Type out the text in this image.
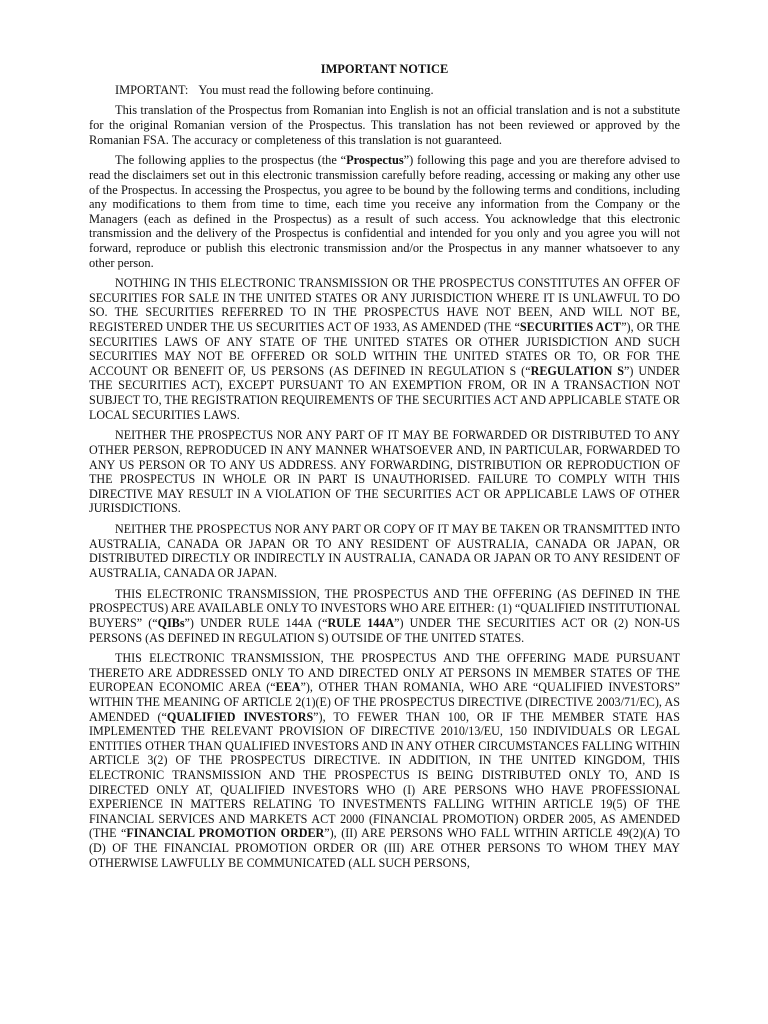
IMPORTANT NOTICE

IMPORTANT: You must read the following before continuing.

This translation of the Prospectus from Romanian into English is not an official translation and is not a substitute for the original Romanian version of the Prospectus. This translation has not been reviewed or approved by the Romanian FSA. The accuracy or completeness of this translation is not guaranteed.

The following applies to the prospectus (the “Prospectus”) following this page and you are therefore advised to read the disclaimers set out in this electronic transmission carefully before reading, accessing or making any other use of the Prospectus. In accessing the Prospectus, you agree to be bound by the following terms and conditions, including any modifications to them from time to time, each time you receive any information from the Company or the Managers (each as defined in the Prospectus) as a result of such access. You acknowledge that this electronic transmission and the delivery of the Prospectus is confidential and intended for you only and you agree you will not forward, reproduce or publish this electronic transmission and/or the Prospectus in any manner whatsoever to any other person.

NOTHING IN THIS ELECTRONIC TRANSMISSION OR THE PROSPECTUS CONSTITUTES AN OFFER OF SECURITIES FOR SALE IN THE UNITED STATES OR ANY JURISDICTION WHERE IT IS UNLAWFUL TO DO SO. THE SECURITIES REFERRED TO IN THE PROSPECTUS HAVE NOT BEEN, AND WILL NOT BE, REGISTERED UNDER THE US SECURITIES ACT OF 1933, AS AMENDED (THE “SECURITIES ACT”), OR THE SECURITIES LAWS OF ANY STATE OF THE UNITED STATES OR OTHER JURISDICTION AND SUCH SECURITIES MAY NOT BE OFFERED OR SOLD WITHIN THE UNITED STATES OR TO, OR FOR THE ACCOUNT OR BENEFIT OF, US PERSONS (AS DEFINED IN REGULATION S (“REGULATION S”) UNDER THE SECURITIES ACT), EXCEPT PURSUANT TO AN EXEMPTION FROM, OR IN A TRANSACTION NOT SUBJECT TO, THE REGISTRATION REQUIREMENTS OF THE SECURITIES ACT AND APPLICABLE STATE OR LOCAL SECURITIES LAWS.

NEITHER THE PROSPECTUS NOR ANY PART OF IT MAY BE FORWARDED OR DISTRIBUTED TO ANY OTHER PERSON, REPRODUCED IN ANY MANNER WHATSOEVER AND, IN PARTICULAR, FORWARDED TO ANY US PERSON OR TO ANY US ADDRESS. ANY FORWARDING, DISTRIBUTION OR REPRODUCTION OF THE PROSPECTUS IN WHOLE OR IN PART IS UNAUTHORISED. FAILURE TO COMPLY WITH THIS DIRECTIVE MAY RESULT IN A VIOLATION OF THE SECURITIES ACT OR APPLICABLE LAWS OF OTHER JURISDICTIONS.

NEITHER THE PROSPECTUS NOR ANY PART OR COPY OF IT MAY BE TAKEN OR TRANSMITTED INTO AUSTRALIA, CANADA OR JAPAN OR TO ANY RESIDENT OF AUSTRALIA, CANADA OR JAPAN, OR DISTRIBUTED DIRECTLY OR INDIRECTLY IN AUSTRALIA, CANADA OR JAPAN OR TO ANY RESIDENT OF AUSTRALIA, CANADA OR JAPAN.

THIS ELECTRONIC TRANSMISSION, THE PROSPECTUS AND THE OFFERING (AS DEFINED IN THE PROSPECTUS) ARE AVAILABLE ONLY TO INVESTORS WHO ARE EITHER: (1) “QUALIFIED INSTITUTIONAL BUYERS” (“QIBs”) UNDER RULE 144A (“RULE 144A”) UNDER THE SECURITIES ACT OR (2) NON-US PERSONS (AS DEFINED IN REGULATION S) OUTSIDE OF THE UNITED STATES.

THIS ELECTRONIC TRANSMISSION, THE PROSPECTUS AND THE OFFERING MADE PURSUANT THERETO ARE ADDRESSED ONLY TO AND DIRECTED ONLY AT PERSONS IN MEMBER STATES OF THE EUROPEAN ECONOMIC AREA (“EEA”), OTHER THAN ROMANIA, WHO ARE “QUALIFIED INVESTORS” WITHIN THE MEANING OF ARTICLE 2(1)(E) OF THE PROSPECTUS DIRECTIVE (DIRECTIVE 2003/71/EC), AS AMENDED (“QUALIFIED INVESTORS”), TO FEWER THAN 100, OR IF THE MEMBER STATE HAS IMPLEMENTED THE RELEVANT PROVISION OF DIRECTIVE 2010/13/EU, 150 INDIVIDUALS OR LEGAL ENTITIES OTHER THAN QUALIFIED INVESTORS AND IN ANY OTHER CIRCUMSTANCES FALLING WITHIN ARTICLE 3(2) OF THE PROSPECTUS DIRECTIVE. IN ADDITION, IN THE UNITED KINGDOM, THIS ELECTRONIC TRANSMISSION AND THE PROSPECTUS IS BEING DISTRIBUTED ONLY TO, AND IS DIRECTED ONLY AT, QUALIFIED INVESTORS WHO (I) ARE PERSONS WHO HAVE PROFESSIONAL EXPERIENCE IN MATTERS RELATING TO INVESTMENTS FALLING WITHIN ARTICLE 19(5) OF THE FINANCIAL SERVICES AND MARKETS ACT 2000 (FINANCIAL PROMOTION) ORDER 2005, AS AMENDED (THE “FINANCIAL PROMOTION ORDER”), (II) ARE PERSONS WHO FALL WITHIN ARTICLE 49(2)(A) TO (D) OF THE FINANCIAL PROMOTION ORDER OR (III) ARE OTHER PERSONS TO WHOM THEY MAY OTHERWISE LAWFULLY BE COMMUNICATED (ALL SUCH PERSONS,
